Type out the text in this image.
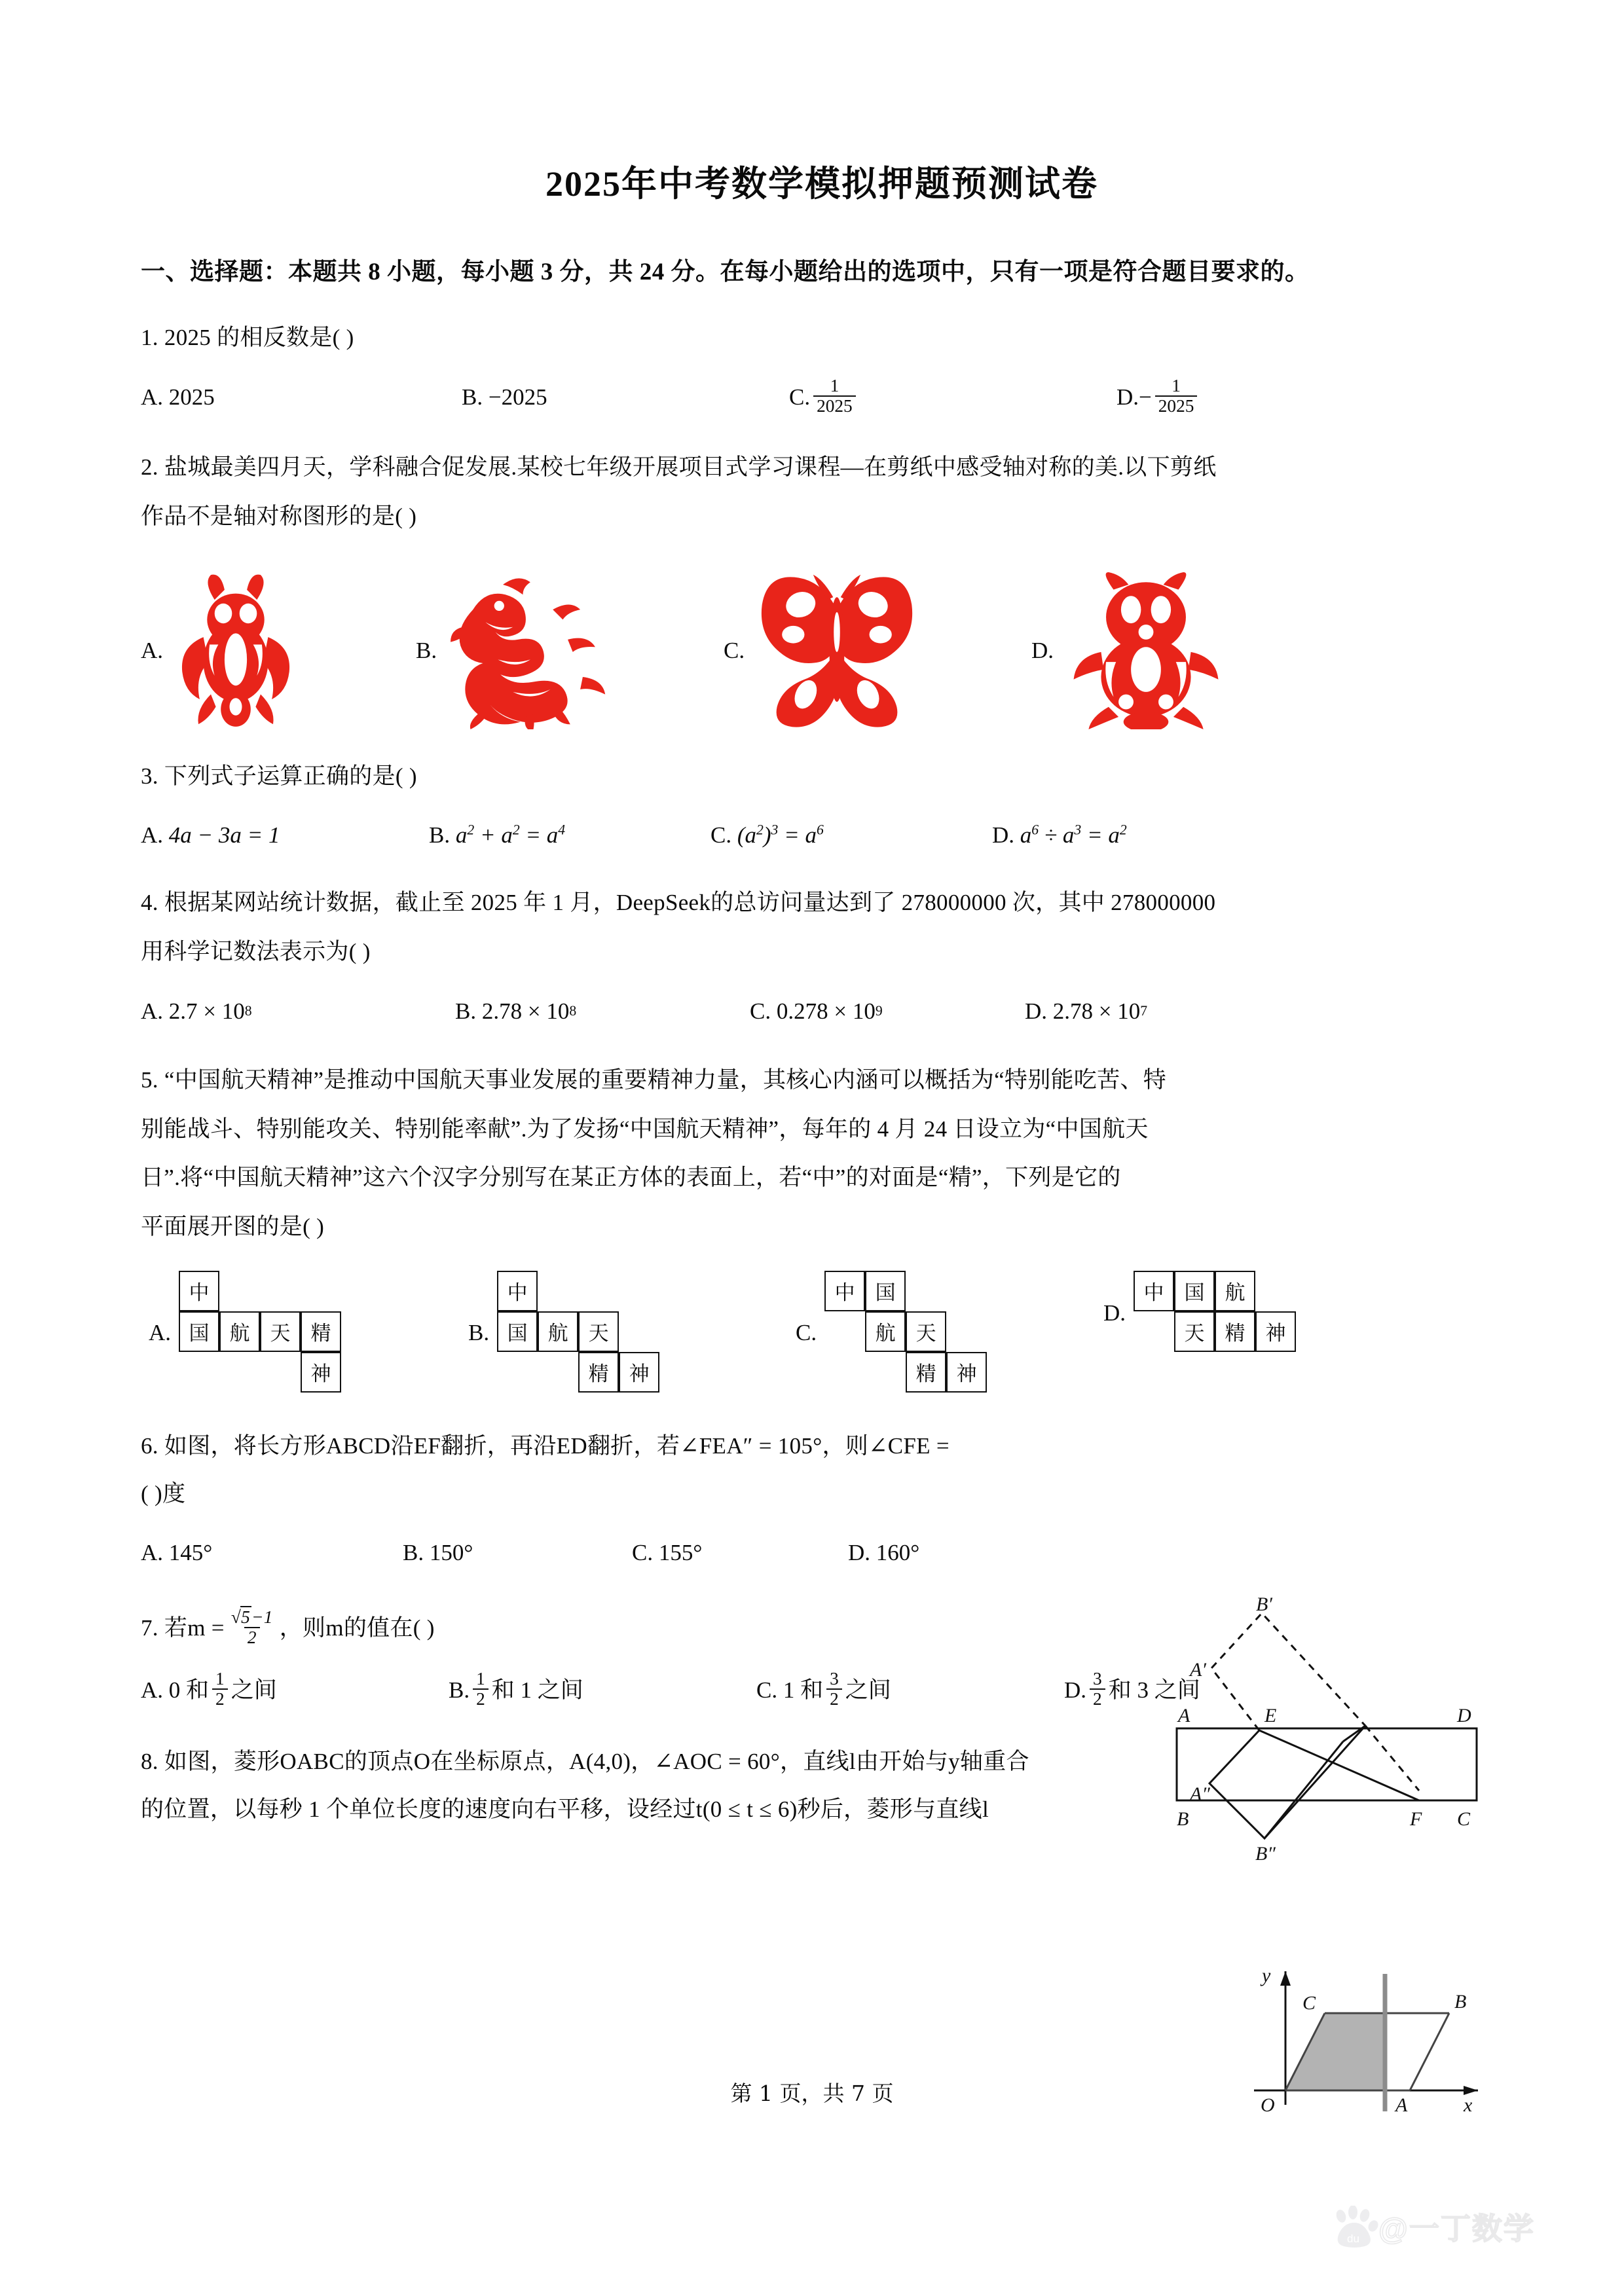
2025年中考数学模拟押题预测试卷
一、选择题：本题共 8 小题，每小题 3 分，共 24 分。在每小题给出的选项中，只有一项是符合题目要求的。
1. 2025 的相反数是( )
A.
2025	B.
−2025	C. $\frac{1}{2025}$	D. − $\frac{1}{2025}$
2. 盐城最美四月天，学科融合促发展.某校七年级开展项目式学习课程—在剪纸中感受轴对称的美.以下剪纸
作品不是轴对称图形的是( )
A.	B.	C.	D.
3. 下列式子运算正确的是( )
A.
4a − 3a = 1	B.
$a^2 + a^2 = a^4$	C.
$(a^2)^3 = a^6$	D.
$a^6 \div a^3 = a^2$
4. 根据某网站统计数据，截止至 2025 年 1 月，DeepSeek的总访问量达到了 278000000 次，其中 278000000
用科学记数法表示为( )
A.
2.7 × 10 8	B.
2.78 × 10 8	C.
0.278 × 10 9	D.
2.78 × 10 7
5. “中国航天精神”是推动中国航天事业发展的重要精神力量，其核心内涵可以概括为“特别能吃苦、特
别能战斗、特别能攻关、特别能率献”.为了发扬“中国航天精神”，每年的 4 月 24 日设立为“中国航天
日”.将“中国航天精神”这六个汉字分别写在某正方体的表面上，若“中”的对面是“精”，下列是它的
平面展开图的是( )
A.
中
国	航	天	精
神
B.
中
国	航	天
精	神
C.
中	国
航	天
精	神
D.
中	国	航
天	精	神
6. 如图，将长方形ABCD沿EF翻折，再沿ED翻折，若∠FEA″ = 105°，则∠CFE =
( )度
A.
145°	B.
150°	C.
155°	D.
160°
7. 若$m = \frac{√5-1}{2}$ ，则m的值在( )
A.
0 和 $\frac{1}{2}$ 之间	B. $\frac{1}{2}$ 和 1 之间	C.
1 和 $\frac{3}{2}$ 之间	D. $\frac{3}{2}$ 和 3 之间
8. 如图，菱形OABC的顶点O在坐标原点，A(4,0)，∠AOC = 60°，直线l由开始与y轴重合
的位置，以每秒 1 个单位长度的速度向右平移，设经过t(0 ≤ t ≤ 6)秒后，菱形与直线l
B′
A′
A	E	D
A″
B	F C
B″
y
C	B
O	A	x
第 1 页，共 7 页
du @一丁数学
